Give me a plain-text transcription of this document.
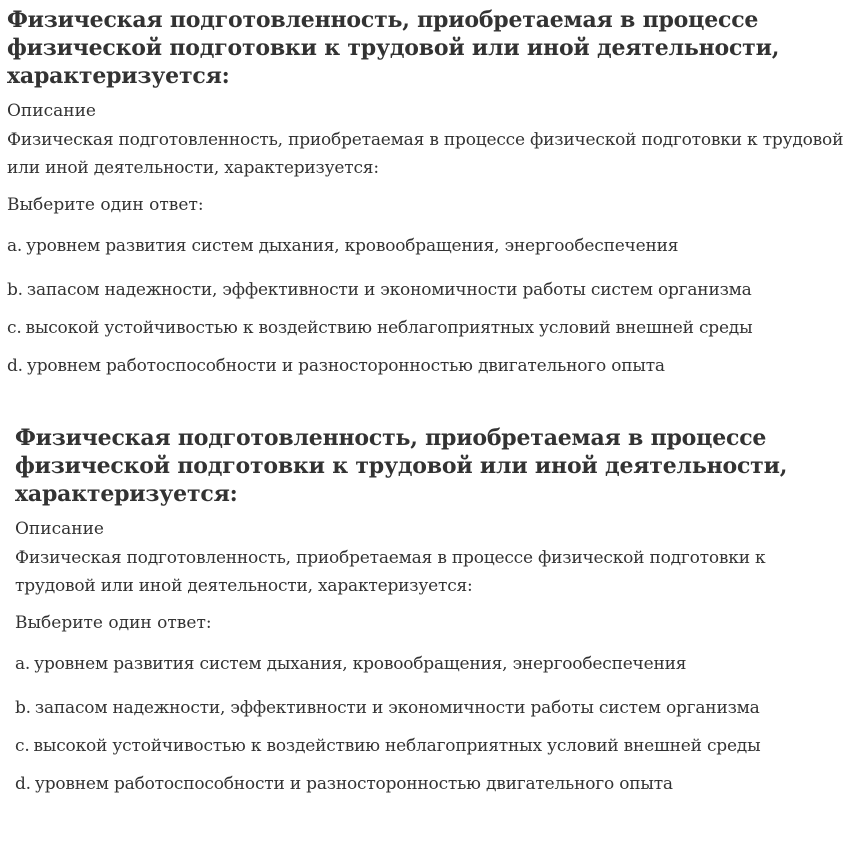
Физическая подготовленность, приобретаемая в процессе физической подготовки к трудовой или иной деятельности, характеризуется:
Описание
Физическая подготовленность, приобретаемая в процессе физической подготовки к трудовой или иной деятельности, характеризуется:
Выберите один ответ:
a. уровнем развития систем дыхания, кровообращения, энергообеспечения
b. запасом надежности, эффективности и экономичности работы систем организма
c. высокой устойчивостью к воздействию неблагоприятных условий внешней среды
d. уровнем работоспособности и разносторонностью двигательного опыта
Физическая подготовленность, приобретаемая в процессе физической подготовки к трудовой или иной деятельности, характеризуется:
Описание
Физическая подготовленность, приобретаемая в процессе физической подготовки к трудовой или иной деятельности, характеризуется:
Выберите один ответ:
a. уровнем развития систем дыхания, кровообращения, энергообеспечения
b. запасом надежности, эффективности и экономичности работы систем организма
c. высокой устойчивостью к воздействию неблагоприятных условий внешней среды
d. уровнем работоспособности и разносторонностью двигательного опыта
